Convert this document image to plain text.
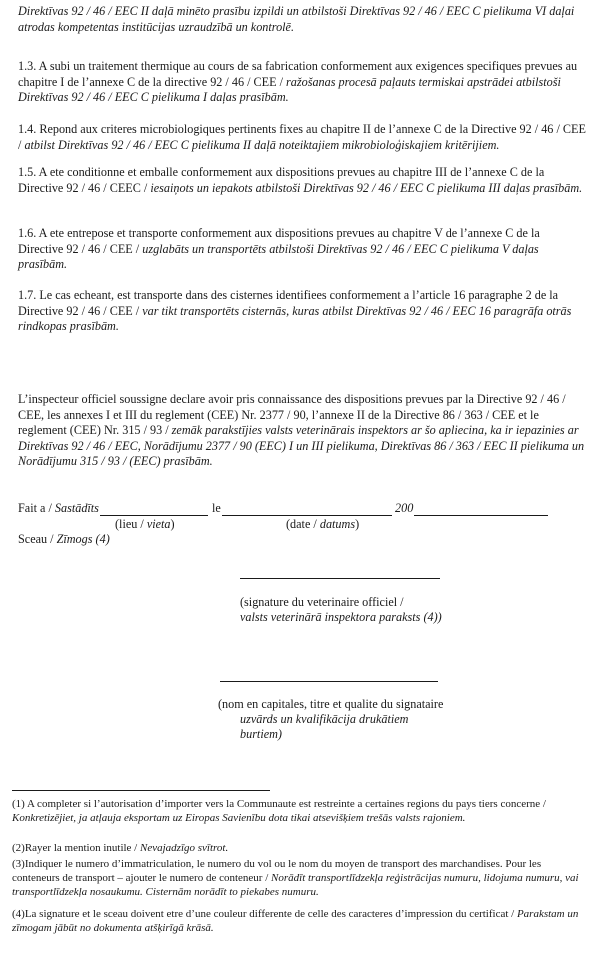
Direktīvas 92 / 46 / EEC II daļā minēto prasību izpildi un atbilstoši Direktīvas 92 / 46 / EEC C pielikuma VI daļai atrodas kompetentas institūcijas uzraudzībā un kontrolē.
1.3. A subi un traitement thermique au cours de sa fabrication conformement aux exigences specifiques prevues au chapitre I de l’annexe C de la directive 92 / 46 / CEE / ražošanas procesā paļauts termiskai apstrādei atbilstoši Direktīvas 92 / 46 / EEC C pielikuma I daļas prasībām.
1.4. Repond aux criteres microbiologiques pertinents fixes au chapitre II de l’annexe C de la Directive 92 / 46 / CEE / atbilst Direktīvas 92 / 46 / EEC C pielikuma II daļā noteiktajiem mikrobioloģiskajiem kritērijiem.
1.5. A ete conditionne et emballe conformement aux dispositions prevues au chapitre III de l’annexe C de la Directive 92 / 46 / CEEC / iesaiņots un iepakots atbilstoši Direktīvas 92 / 46 / EEC C pielikuma III daļas prasībām.
1.6. A ete entrepose et transporte conformement aux dispositions prevues au chapitre V de l’annexe C de la Directive 92 / 46 / CEE / uzglabāts un transportēts atbilstoši Direktīvas 92 / 46 / EEC C pielikuma V daļas prasībām.
1.7. Le cas echeant, est transporte dans des cisternes identifiees conformement a l’article 16 paragraphe 2 de la Directive 92 / 46 / CEE / var tikt transportēts cisternās, kuras atbilst Direktīvas 92 / 46 / EEC 16 paragrāfa otrās rindkopas prasībām.
L’inspecteur officiel soussigne declare avoir pris connaissance des dispositions prevues par la Directive 92 / 46 / CEE, les annexes I et III du reglement (CEE) Nr. 2377 / 90, l’annexe II de la Directive 86 / 363 / CEE et le reglement (CEE) Nr. 315 / 93 / zemāk parakstījies valsts veterinārais inspektors ar šo apliecina, ka ir iepazinies ar Direktīvas 92 / 46 / EEC, Norādījumu 2377 / 90 (EEC) I un III pielikuma, Direktīvas 86 / 363 / EEC II pielikuma un Norādījumu 315 / 93 / (EEC) prasībām.
Fait a / Sastādīts	le	200
(lieu / vieta)	(date / datums)
Sceau / Zīmogs (4)
(signature du veterinaire officiel /
valsts veterinārā inspektora paraksts (4))
(nom en capitales, titre et qualite du signataire
uzvārds un kvalifikācija drukātiem
burtiem)
(1) A completer si l’autorisation d’importer vers la Communaute est restreinte a certaines regions du pays tiers concerne / Konkretizējiet, ja atļauja eksportam uz Eiropas Savienību dota tikai atsevišķiem trešās valsts rajoniem.
(2)Rayer la mention inutile / Nevajadzīgo svītrot.
(3)Indiquer le numero d’immatriculation, le numero du vol ou le nom du moyen de transport des marchandises. Pour les conteneurs de transport – ajouter le numero de conteneur / Norādīt transportlīdzekļa reģistrācijas numuru, lidojuma numuru, vai transportlīdzekļa nosaukumu. Cisternām norādīt to piekabes numuru.
(4)La signature et le sceau doivent etre d’une couleur differente de celle des caracteres d’impression du certificat / Parakstam un zīmogam jābūt no dokumenta atšķirīgā krāsā.
